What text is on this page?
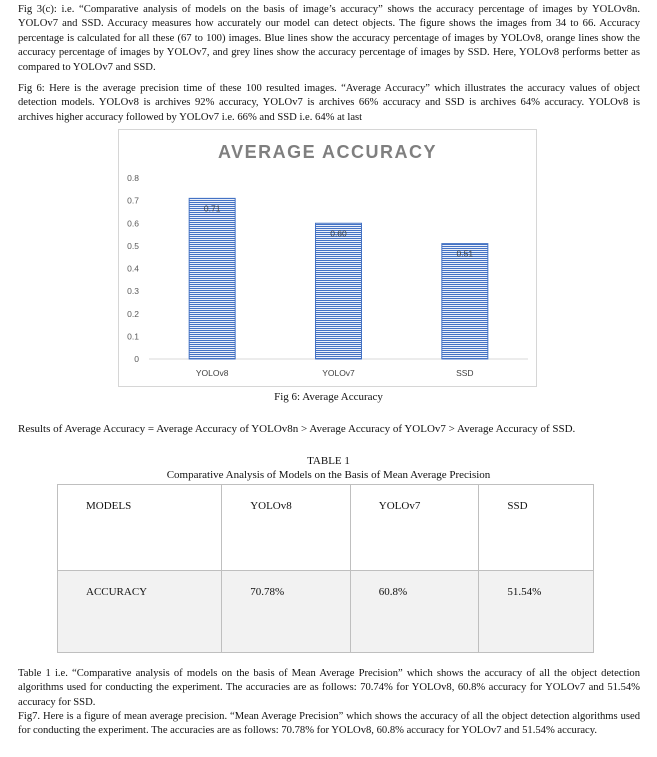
Fig 3(c): i.e. “Comparative analysis of models on the basis of image’s accuracy” shows the accuracy percentage of images by YOLOv8n. YOLOv7 and SSD. Accuracy measures how accurately our model can detect objects. The figure shows the images from 34 to 66. Accuracy percentage is calculated for all these (67 to 100) images. Blue lines show the accuracy percentage of images by YOLOv8, orange lines show the accuracy percentage of images by YOLOv7, and grey lines show the accuracy percentage of images by SSD. Here, YOLOv8 performs better as compared to YOLOv7 and SSD.

Fig 6: Here is the average precision time of these 100 resulted images. “Average Accuracy” which illustrates the accuracy values of object detection models. YOLOv8 is archives 92% accuracy, YOLOv7 is archives 66% accuracy and SSD is archives 64% accuracy. YOLOv8 is archives higher accuracy followed by YOLOv7 i.e. 66% and SSD i.e. 64% at last

AVERAGE ACCURACY
0
0.1
0.2
0.3
0.4
0.5
0.6
0.7
0.8
0.71
YOLOv8
0.60
YOLOv7
0.51
SSD

Fig 6: Average Accuracy

Results of Average Accuracy = Average Accuracy of YOLOv8n > Average Accuracy of YOLOv7 > Average Accuracy of SSD.

TABLE 1

Comparative Analysis of Models on the Basis of Mean Average Precision

MODELS	YOLOv8	YOLOv7	SSD
ACCURACY	70.78%	60.8%	51.54%

Table 1 i.e. “Comparative analysis of models on the basis of Mean Average Precision” which shows the accuracy of all the object detection algorithms used for conducting the experiment. The accuracies are as follows: 70.74% for YOLOv8, 60.8% accuracy for YOLOv7 and 51.54% accuracy for SSD.

Fig7. Here is a figure of mean average precision. “Mean Average Precision” which shows the accuracy of all the object detection algorithms used for conducting the experiment. The accuracies are as follows: 70.78% for YOLOv8, 60.8% accuracy for YOLOv7 and 51.54% accuracy.
